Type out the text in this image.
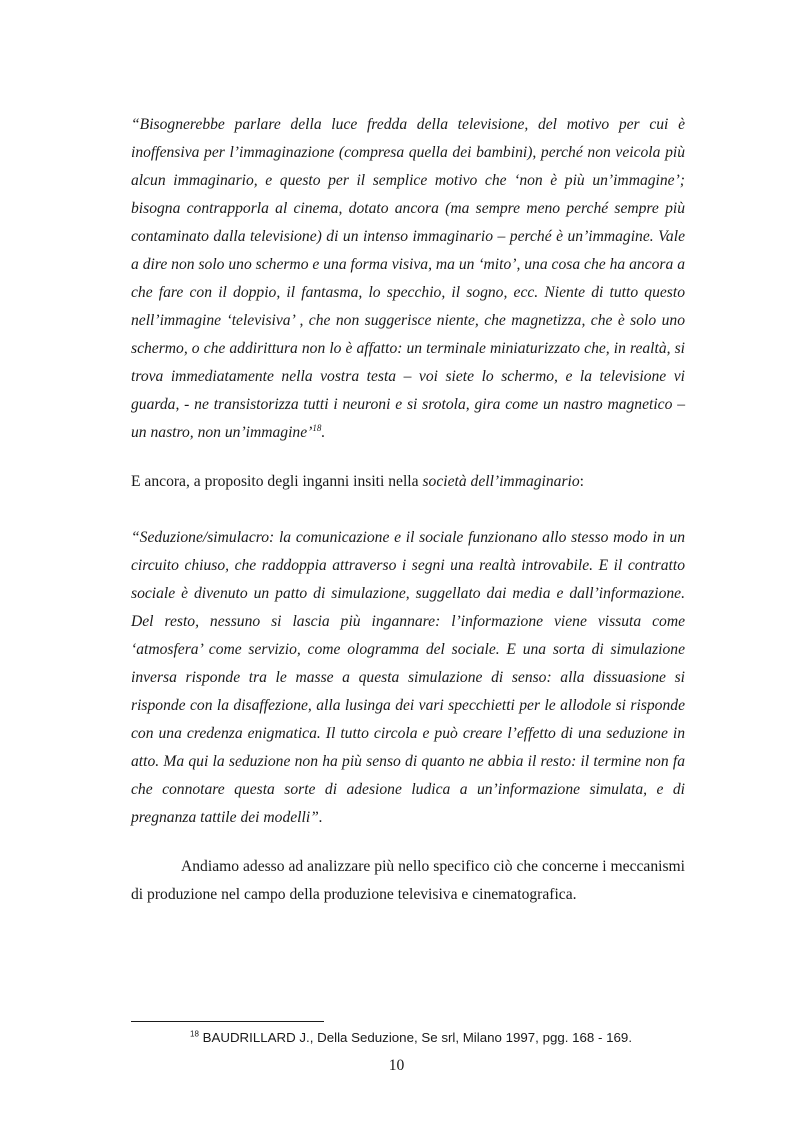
“Bisognerebbe parlare della luce fredda della televisione, del motivo per cui è inoffensiva per l’immaginazione (compresa quella dei bambini), perché non veicola più alcun immaginario, e questo per il semplice motivo che ‘non è più un’immagine’; bisogna contrapporla al cinema, dotato ancora (ma sempre meno perché sempre più contaminato dalla televisione) di un intenso immaginario – perché è un’immagine. Vale a dire non solo uno schermo e una forma visiva, ma un ‘mito’, una cosa che ha ancora a che fare con il doppio, il fantasma, lo specchio, il sogno, ecc. Niente di tutto questo nell’immagine ‘televisiva’ , che non suggerisce niente, che magnetizza, che è solo uno schermo, o che addirittura non lo è affatto: un terminale miniaturizzato che, in realtà, si trova immediatamente nella vostra testa – voi siete lo schermo, e la televisione vi guarda, - ne transistorizza tutti i neuroni e si srotola, gira come un nastro magnetico – un nastro, non un’immagine’$^{18}$.

E ancora, a proposito degli inganni insiti nella società dell’immaginario:

“Seduzione/simulacro: la comunicazione e il sociale funzionano allo stesso modo in un circuito chiuso, che raddoppia attraverso i segni una realtà introvabile. E il contratto sociale è divenuto un patto di simulazione, suggellato dai media e dall’informazione. Del resto, nessuno si lascia più ingannare: l’informazione viene vissuta come ‘atmosfera’ come servizio, come ologramma del sociale. E una sorta di simulazione inversa risponde tra le masse a questa simulazione di senso: alla dissuasione si risponde con la disaffezione, alla lusinga dei vari specchietti per le allodole si risponde con una credenza enigmatica. Il tutto circola e può creare l’effetto di una seduzione in atto. Ma qui la seduzione non ha più senso di quanto ne abbia il resto: il termine non fa che connotare questa sorte di adesione ludica a un’informazione simulata, e di pregnanza tattile dei modelli”.

Andiamo adesso ad analizzare più nello specifico ciò che concerne i meccanismi di produzione nel campo della produzione televisiva e cinematografica.

$^{18}$ BAUDRILLARD J., Della Seduzione, Se srl, Milano 1997, pgg. 168 - 169.
10
